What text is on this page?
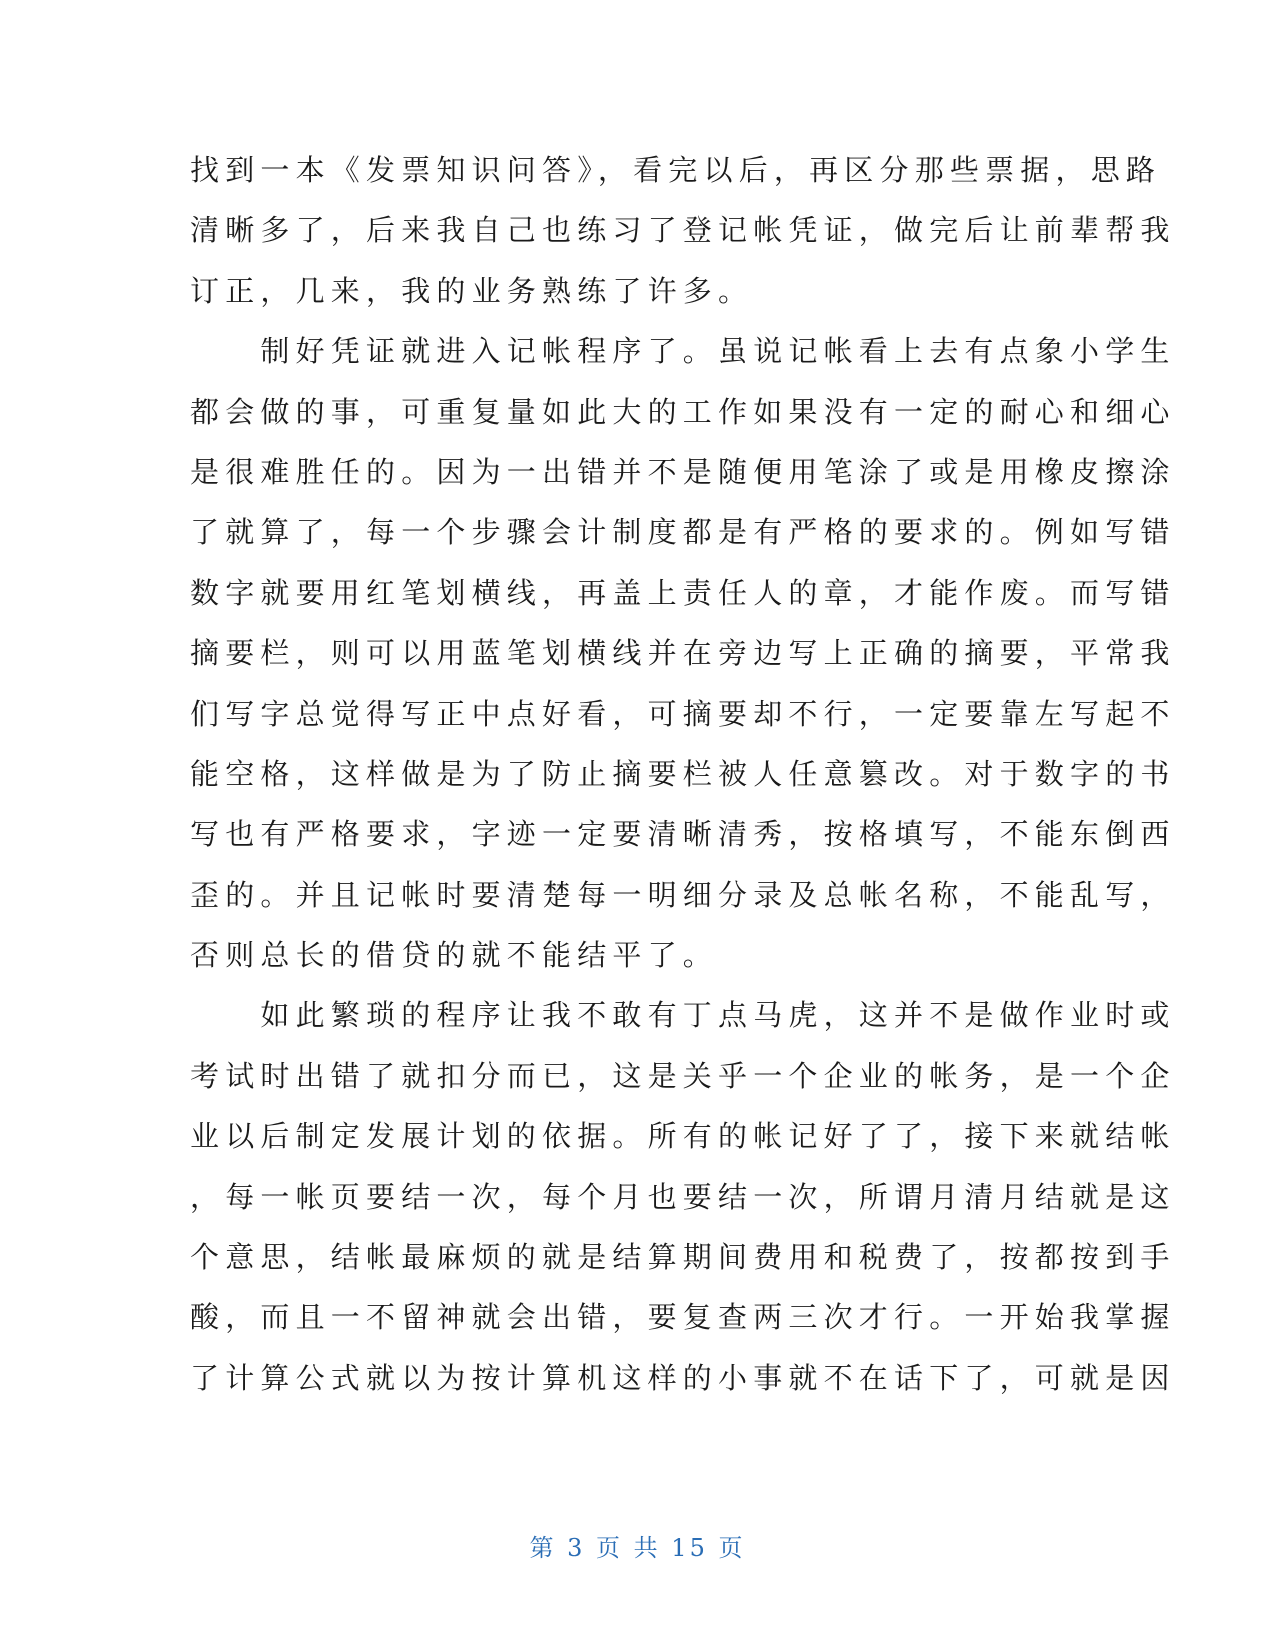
找到一本《发票知识问答》，看完以后，再区分那些票据，思路
清晰多了，后来我自己也练习了登记帐凭证，做完后让前辈帮我
订正，几来，我的业务熟练了许多。
　　制好凭证就进入记帐程序了。虽说记帐看上去有点象小学生
都会做的事，可重复量如此大的工作如果没有一定的耐心和细心
是很难胜任的。因为一出错并不是随便用笔涂了或是用橡皮擦涂
了就算了，每一个步骤会计制度都是有严格的要求的。例如写错
数字就要用红笔划横线，再盖上责任人的章，才能作废。而写错
摘要栏，则可以用蓝笔划横线并在旁边写上正确的摘要，平常我
们写字总觉得写正中点好看，可摘要却不行，一定要靠左写起不
能空格，这样做是为了防止摘要栏被人任意篡改。对于数字的书
写也有严格要求，字迹一定要清晰清秀，按格填写，不能东倒西
歪的。并且记帐时要清楚每一明细分录及总帐名称，不能乱写，
否则总长的借贷的就不能结平了。
　　如此繁琐的程序让我不敢有丁点马虎，这并不是做作业时或
考试时出错了就扣分而已，这是关乎一个企业的帐务，是一个企
业以后制定发展计划的依据。所有的帐记好了了，接下来就结帐
，每一帐页要结一次，每个月也要结一次，所谓月清月结就是这
个意思，结帐最麻烦的就是结算期间费用和税费了，按都按到手
酸，而且一不留神就会出错，要复查两三次才行。一开始我掌握
了计算公式就以为按计算机这样的小事就不在话下了，可就是因
第 3 页 共 15 页
